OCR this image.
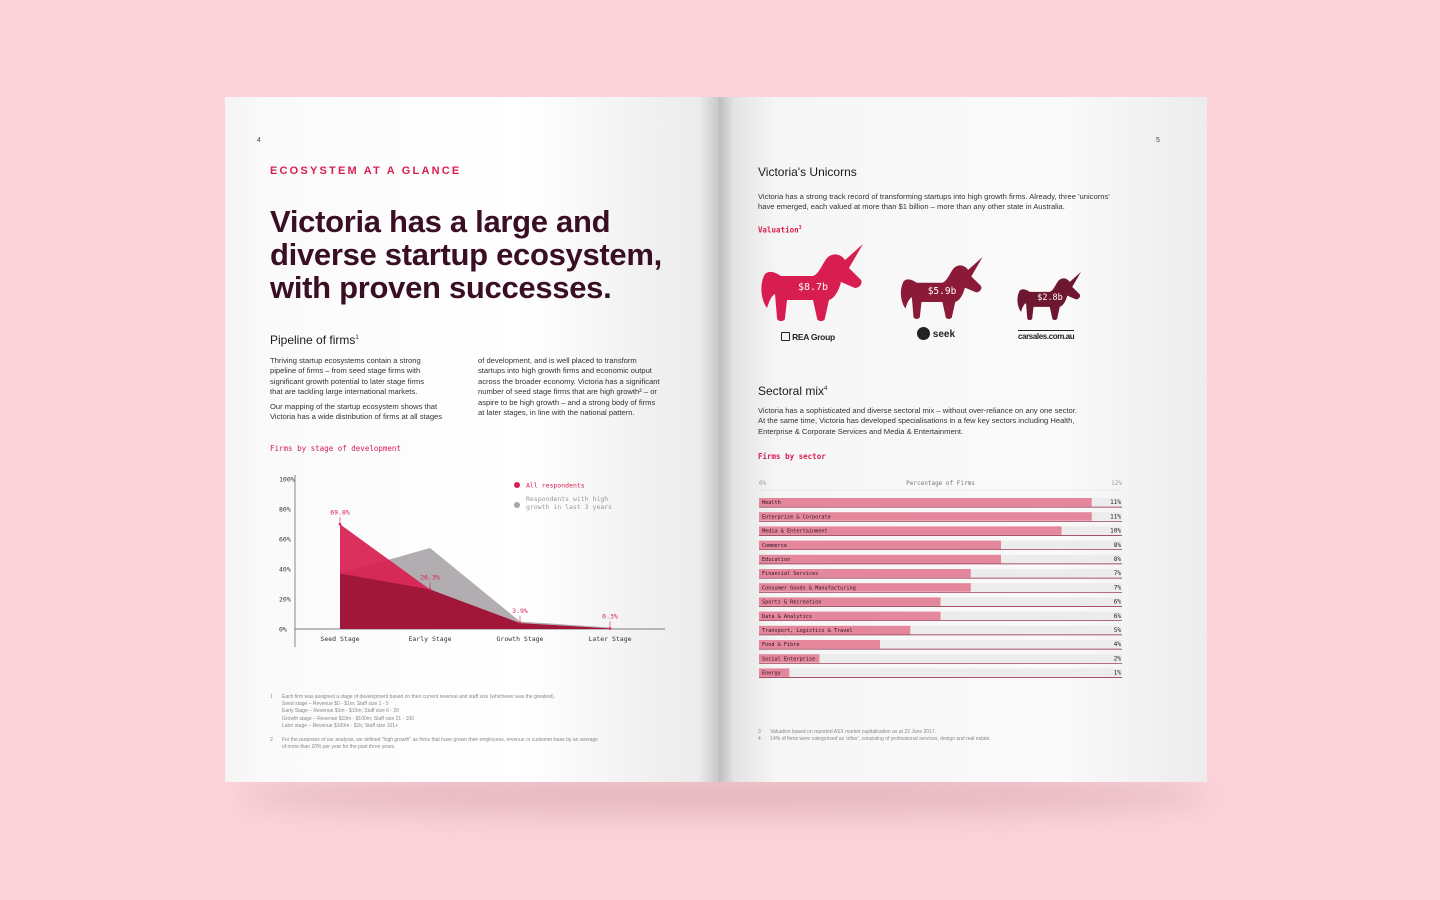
4
ECOSYSTEM AT A GLANCE
Victoria has a large and
diverse startup ecosystem,
with proven successes.
Pipeline of firms$^1$
Thriving startup ecosystems contain a strong
pipeline of firms – from seed stage firms with
significant growth potential to later stage firms
that are tackling large international markets.
Our mapping of the startup ecosystem shows that
Victoria has a wide distribution of firms at all stages
of development, and is well placed to transform
startups into high growth firms and economic output
across the broader economy. Victoria has a significant
number of seed stage firms that are high growth² – or
aspire to be high growth – and a strong body of firms
at later stages, in line with the national pattern.
Firms by stage of development
100%
80%
60%
40%
20%
0%
69.8%
26.3%
3.9%
0.3%
Seed Stage	Early Stage	Growth Stage	Later Stage
All respondents
Respondents with high
growth in last 3 years
1 Each firm was assigned a stage of development based on their current revenue and staff size (whichever was the greatest).
Seed stage – Revenue $0 - $1m; Staff size 1 - 5
Early Stage – Revenue $1m - $10m; Staff size 6 - 20
Growth stage – Revenue $10m - $100m; Staff size 21 - 100
Later stage – Revenue $100m - $1b; Staff size 101+
2 For the purposes of our analysis, we defined "high growth" as firms that have grown their employees, revenue or customer-base by an average
of more than 20% per year for the past three years.
5
Victoria's Unicorns
Victoria has a strong track record of transforming startups into high growth firms. Already, three 'unicorns'
have emerged, each valued at more than $1 billion – more than any other state in Australia.
Valuation$^3$
$8.7b
REA Group
$5.9b
seek
$2.8b
carsales.com.au
Sectoral mix$^4$
Victoria has a sophisticated and diverse sectoral mix – without over-reliance on any one sector.
At the same time, Victoria has developed specialisations in a few key sectors including Health,
Enterprise & Corporate Services and Media & Entertainment.
Firms by sector
0%	Percentage of Firms	12%
Health	11%
Enterprise & Corporate	11%
Media & Entertainment	10%
Commerce	8%
Education	8%
Financial Services	7%
Consumer Goods & Manufacturing	7%
Sports & Recreation	6%
Data & Analytics	6%
Transport, Logistics & Travel	5%
Food & Fibre	4%
Social Enterprise	2%
Energy	1%
3 Valuation based on reported ASX market capitalisation as at 22 June 2017.
4 14% of firms were categorised as 'other', consisting of professional services, design and real estate.
